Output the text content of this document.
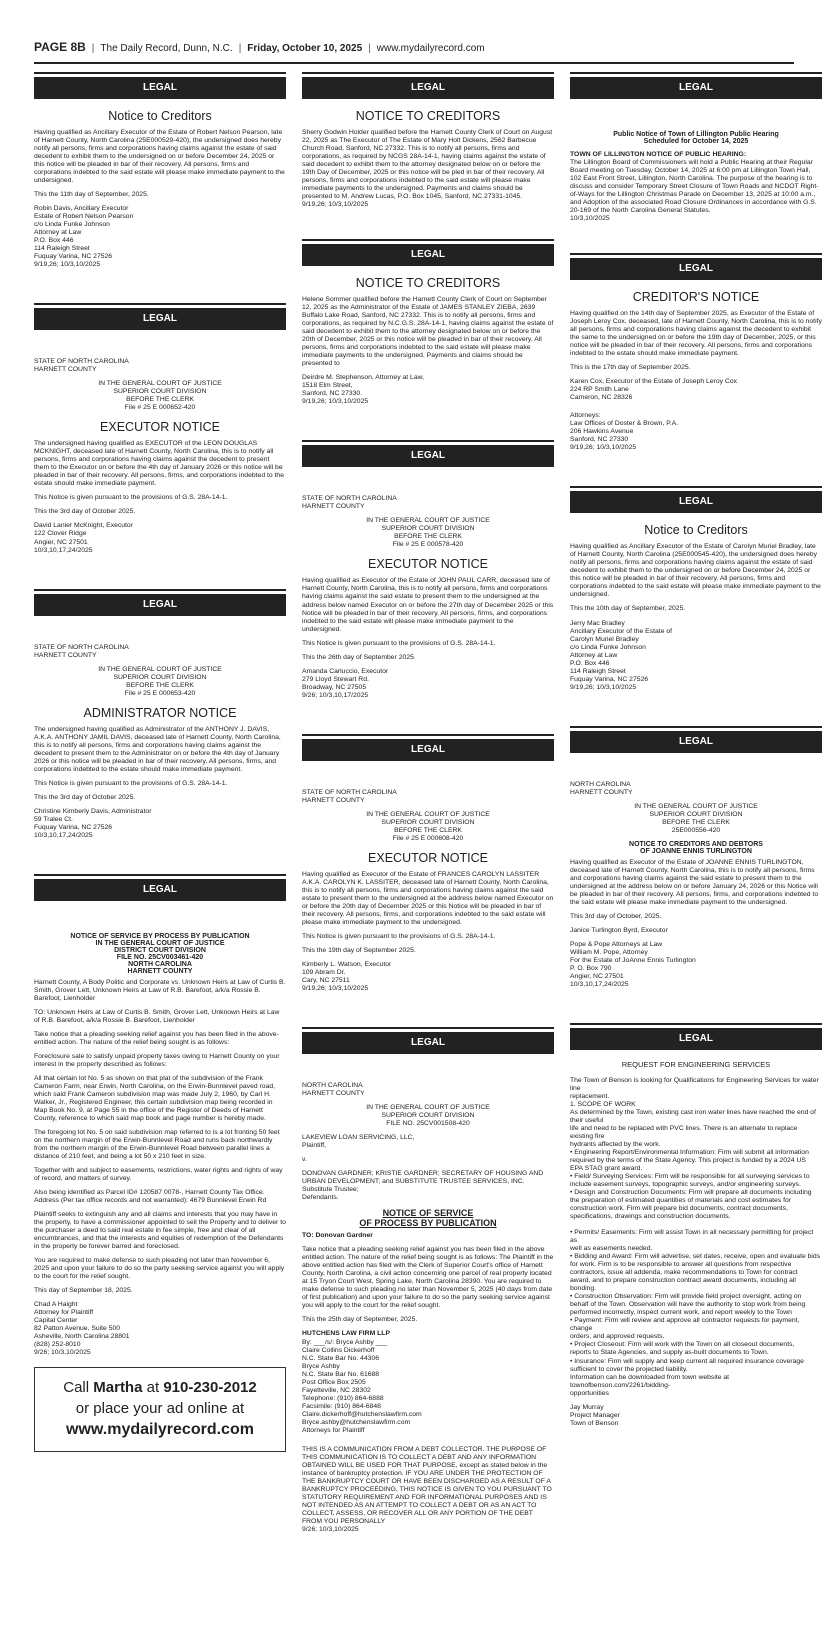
PAGE 8B | The Daily Record, Dunn, N.C. | Friday, October 10, 2025 | www.mydailyrecord.com
LEGAL
Notice to Creditors

Having qualified as Ancillary Executor of the Estate of Robert Nelson Pearson, late of Harnett County, North Carolina (25E000529-420), the undersigned does hereby notify all persons, firms and corporations having claims against the estate of said decedent to exhibit them to the undersigned on or before December 24, 2025 or this notice will be pleaded in bar of their recovery. All persons, firms and corporations indebted to the said estate will please make immediate payment to the undersigned.

This the 11th day of September, 2025.

Robin Davis, Ancillary Executor
Estate of Robert Nelson Pearson
c/o Linda Funke Johnson
Attorney at Law
P.O. Box 446
114 Raleigh Street
Fuquay Varina, NC 27526
9/19,26; 10/3,10/2025

LEGAL

STATE OF NORTH CAROLINA
HARNETT COUNTY

IN THE GENERAL COURT OF JUSTICE
SUPERIOR COURT DIVISION
BEFORE THE CLERK
File # 25 E 000652-420

EXECUTOR NOTICE

The undersigned having qualified as EXECUTOR of the LEON DOUGLAS MCKNIGHT, deceased late of Harnett County, North Carolina, this is to notify all persons, firms and corporations having claims against the decedent to present them to the Executor on or before the 4th day of January 2026 or this notice will be pleaded in bar of their recovery. All persons, firms, and corporations indebted to the estate should make immediate payment.

This Notice is given pursuant to the provisions of G.S. 28A-14-1.

This the 3rd day of October 2025.

David Lanier McKnight, Executor
122 Clover Ridge
Angier, NC 27501
10/3,10,17,24/2025

LEGAL

STATE OF NORTH CAROLINA
HARNETT COUNTY

IN THE GENERAL COURT OF JUSTICE
SUPERIOR COURT DIVISION
BEFORE THE CLERK
File # 25 E 000653-420

ADMINISTRATOR NOTICE

The undersigned having qualified as Administrator of the ANTHONY J. DAVIS, A.K.A. ANTHONY JAMIL DAVIS, deceased late of Harnett County, North Carolina, this is to notify all persons, firms and corporations having claims against the decedent to present them to the Administrator on or before the 4th day of January 2026 or this notice will be pleaded in bar of their recovery. All persons, firms, and corporations indebted to the estate should make immediate payment.

This Notice is given pursuant to the provisions of G.S. 28A-14-1.

This the 3rd day of October 2025.

Christine Kimberly Davis, Administrator
59 Tralee Ct.
Fuquay Varina, NC 27526
10/3,10,17,24/2025

LEGAL
NOTICE OF SERVICE BY PROCESS BY PUBLICATION
IN THE GENERAL COURT OF JUSTICE
DISTRICT COURT DIVISION
FILE NO. 25CV003461-420
NORTH CAROLINA
HARNETT COUNTY

Harnett County, A Body Politic and Corporate vs. Unknown Heirs at Law of Curtis B. Smith, Grover Lett, Unknown Heirs at Law of R.B. Barefoot, a/k/a Rossie B. Barefoot, Lienholder

TO: Unknown Heirs at Law of Curtis B. Smith, Grover Lett, Unknown Heirs at Law of R.B. Barefoot, a/k/a Rossie B. Barefoot, Lienholder

Take notice that a pleading seeking relief against you has been filed in the above-entitled action. The nature of the relief being sought is as follows:

Foreclosure sale to satisfy unpaid property taxes owing to Harnett County on your interest in the property described as follows:

All that certain lot No. 5 as shown on that plat of the subdivision of the Frank Cameron Farm, near Erwin, North Carolina, on the Erwin-Bunnlevel paved road, which said Frank Cameron subdivision map was made July 2, 1960, by Carl H. Walker, Jr., Registered Engineer, this certain subdivision map being recorded in Map Book No. 9, at Page 55 in the office of the Register of Deeds of Harnett County, reference to which said map book and page number is hereby made.

The foregoing lot No. 5 on said subdivision map referred to is a lot fronting 50 feet on the northern margin of the Erwin-Bunnlevel Road and runs back northwardly from the northern margin of the Erwin-Bunnlevel Road between parallel lines a distance of 210 feet, and being a lot 50 x 210 feet in size.

Together with and subject to easements, restrictions, water rights and rights of way of record, and matters of survey.

Also being identified as Parcel ID# 120587 0078-, Harnett County Tax Office. Address (Per tax office records and not warranted): 4679 Bunnlevel Erwin Rd

Plaintiff seeks to extinguish any and all claims and interests that you may have in the property, to have a commissioner appointed to sell the Property and to deliver to the purchaser a deed to said real estate in fee simple, free and clear of all encumbrances, and that the interests and equities of redemption of the Defendants in the property be forever barred and foreclosed.

You are required to make defense to such pleading not later than November 6, 2025 and upon your failure to do so the party seeking service against you will apply to the court for the relief sought.

This day of September 18, 2025.

Chad A Haight
Attorney for Plaintiff
Capital Center
82 Patton Avenue, Suite 500
Asheville, North Carolina 28801
(828) 252-8010
9/26; 10/3,10/2025

Call Martha at 910-230-2012
or place your ad online at
www.mydailyrecord.com
LEGAL
NOTICE TO CREDITORS

Sherry Godwin Holder qualified before the Harnett County Clerk of Court on August 22, 2025 as The Executor of The Estate of Mary Holt Dickens, 2562 Barbecue Church Road, Sanford, NC 27332. This is to notify all persons, firms and corporations, as required by NCGS 28A-14-1, having claims against the estate of said decedent to exhibit them to the attorney designated below on or before the 19th Day of December, 2025 or this notice will be pled in bar of their recovery. All persons, firms and corporations indebted to the said estate will please make immediate payments to the undersigned. Payments and claims should be presented to M. Andrew Lucas, P.O. Box 1045, Sanford, NC 27331-1045.
9/19,26; 10/3,10/2025

LEGAL
NOTICE TO CREDITORS

Helene Sommer qualified before the Harnett County Clerk of Court on September 12, 2025 as the Administrator of the Estate of JAMES STANLEY ZIEBA, 2639 Buffalo Lake Road, Sanford, NC 27332. This is to notify all persons, firms and corporations, as required by N.C.G.S. 28A-14-1, having claims against the estate of said decedent to exhibit them to the attorney designated below on or before the 20th of December, 2025 or this notice will be pleaded in bar of their recovery. All persons, firms and corporations indebted to the said estate will please make immediate payments to the undersigned. Payments and claims should be presented to

Deirdre M. Stephenson, Attorney at Law,
1518 Elm Street,
Sanford, NC 27330.
9/19,26; 10/3,10/2025

LEGAL

STATE OF NORTH CAROLINA
HARNETT COUNTY

IN THE GENERAL COURT OF JUSTICE
SUPERIOR COURT DIVISION
BEFORE THE CLERK
File # 25 E 000578-420

EXECUTOR NOTICE

Having qualified as Executor of the Estate of JOHN PAUL CARR, deceased late of Harnett County, North Carolina, this is to notify all persons, firms and corporations having claims against the said estate to present them to the undersigned at the address below named Executor on or before the 27th day of December 2025 or this Notice will be pleaded in bar of their recovery. All persons, firms, and corporations indebted to the said estate will please make immediate payment to the undersigned.

This Notice is given pursuant to the provisions of G.S. 28A-14-1.

This the 26th day of September 2025.

Amanda Carluccio, Executor
279 Lloyd Stewart Rd.
Broadway, NC 27505
9/26; 10/3,10,17/2025

LEGAL

STATE OF NORTH CAROLINA
HARNETT COUNTY

IN THE GENERAL COURT OF JUSTICE
SUPERIOR COURT DIVISION
BEFORE THE CLERK
File # 25 E 000608-420

EXECUTOR NOTICE

Having qualified as Executor of the Estate of FRANCES CAROLYN LASSITER A.K.A. CAROLYN K. LASSITER, deceased late of Harnett County, North Carolina, this is to notify all persons, firms and corporations having claims against the said estate to present them to the undersigned at the address below named Executor on or before the 20th day of December 2025 or this Notice will be pleaded in bar of their recovery. All persons, firms, and corporations indebted to the said estate will please make immediate payment to the undersigned.

This Notice is given pursuant to the provisions of G.S. 28A-14-1.

This the 19th day of September 2025.

Kimberly L. Watson, Executor
109 Abram Dr.
Cary, NC 27511
9/19,26; 10/3,10/2025

LEGAL

NORTH CAROLINA
HARNETT COUNTY

IN THE GENERAL COURT OF JUSTICE
SUPERIOR COURT DIVISION
FILE NO. 25CV001508-420

LAKEVIEW LOAN SERVICING, LLC,
Plaintiff,

v.

DONOVAN GARDNER; KRISTIE GARDNER; SECRETARY OF HOUSING AND URBAN DEVELOPMENT; and SUBSTITUTE TRUSTEE SERVICES, INC. Substitute Trustee;
Defendants.

NOTICE OF SERVICE
OF PROCESS BY PUBLICATION

TO: Donovan Gardner

Take notice that a pleading seeking relief against you has been filed in the above entitled action. The nature of the relief being sought is as follows: The Plaintiff in the above entitled action has filed with the Clerk of Superior Court's office of Harnett County, North Carolina, a civil action concerning one parcel of real property located at 15 Tryon Court West, Spring Lake, North Carolina 28390. You are required to make defense to such pleading no later than November 5, 2025 (40 days from date of first publication) and upon your failure to do so the party seeking service against you will apply to the court for the relief sought.

This the 25th day of September, 2025.

HUTCHENS LAW FIRM LLP

By: ___/s/: Bryce Ashby ___
Claire Collins Dickerhoff
N.C. State Bar No. 44306
Bryce Ashby
N.C. State Bar No. 61688
Post Office Box 2505
Fayetteville, NC 28302
Telephone: (910) 864-6888
Facsimile: (910) 864-6848
Claire.dickerhoff@hutchenslawfirm.com
Bryce.ashby@hutchenslawfirm.com
Attorneys for Plaintiff

THIS IS A COMMUNICATION FROM A DEBT COLLECTOR. THE PURPOSE OF THIS COMMUNICATION IS TO COLLECT A DEBT AND ANY INFORMATION OBTAINED WILL BE USED FOR THAT PURPOSE, except as stated below in the instance of bankruptcy protection. IF YOU ARE UNDER THE PROTECTION OF THE BANKRUPTCY COURT OR HAVE BEEN DISCHARGED AS A RESULT OF A BANKRUPTCY PROCEEDING, THIS NOTICE IS GIVEN TO YOU PURSUANT TO STATUTORY REQUIREMENT AND FOR INFORMATIONAL PURPOSES AND IS NOT INTENDED AS AN ATTEMPT TO COLLECT A DEBT OR AS AN ACT TO COLLECT, ASSESS, OR RECOVER ALL OR ANY PORTION OF THE DEBT FROM YOU PERSONALLY
9/26; 10/3,10/2025

LEGAL
Public Notice of Town of Lillington Public Hearing
Scheduled for October 14, 2025

TOWN OF LILLINGTON NOTICE OF PUBLIC HEARING:

The Lillington Board of Commissioners will hold a Public Hearing at their Regular Board meeting on Tuesday, October 14, 2025 at 6:00 pm at Lillington Town Hall, 102 East Front Street, Lillington, North Carolina. The purpose of the hearing is to discuss and consider Temporary Street Closure of Town Roads and NCDOT Right-of-Ways for the Lillington Christmas Parade on December 13, 2025 at 10:00 a.m., and Adoption of the associated Road Closure Ordinances in accordance with G.S. 20-169 of the North Carolina General Statutes.
10/3,10/2025

LEGAL
CREDITOR'S NOTICE

Having qualified on the 14th day of September 2025, as Executor of the Estate of Joseph Leroy Cox, deceased, late of Harnett County, North Carolina, this is to notify all persons, firms and corporations having claims against the decedent to exhibit the same to the undersigned on or before the 19th day of December, 2025, or this notice will be pleaded in bar of their recovery. All persons, firms and corporations indebted to the estate should make immediate payment.

This is the 17th day of September 2025.

Karen Cox, Executor of the Estate of Joseph Leroy Cox
224 RP Smith Lane
Cameron, NC 28326

Attorneys:
Law Offices of Doster & Brown, P.A.
206 Hawkins Avenue
Sanford, NC 27330
9/19,26; 10/3,10/2025

LEGAL
Notice to Creditors

Having qualified as Ancillary Executor of the Estate of Carolyn Muriel Bradley, late of Harnett County, North Carolina (25E000545-420), the undersigned does hereby notify all persons, firms and corporations having claims against the estate of said decedent to exhibit them to the undersigned on or before December 24, 2025 or this notice will be pleaded in bar of their recovery. All persons, firms and corporations indebted to the said estate will please make immediate payment to the undersigned.

This the 10th day of September, 2025.

Jerry Mac Bradley
Ancillary Executor of the Estate of
Carolyn Muriel Bradley
c/o Linda Funke Johnson
Attorney at Law
P.O. Box 446
114 Raleigh Street
Fuquay Varina, NC 27526
9/19,26; 10/3,10/2025

LEGAL

NORTH CAROLINA
HARNETT COUNTY

IN THE GENERAL COURT OF JUSTICE
SUPERIOR COURT DIVISION
BEFORE THE CLERK
25E000556-420

NOTICE TO CREDITORS AND DEBTORS
OF JOANNE ENNIS TURLINGTON

Having qualified as Executor of the Estate of JOANNE ENNIS TURLINGTON, deceased late of Harnett County, North Carolina, this is to notify all persons, firms and corporations having claims against the said estate to present them to the undersigned at the address below on or before January 24, 2026 or this Notice will be pleaded in bar of their recovery. All persons, firms, and corporations indebted to the said estate will please make immediate payment to the undersigned.

This 3rd day of October, 2025.

Janice Turlington Byrd, Executor

Pope & Pope Attorneys at Law
William M. Pope, Attorney
For the Estate of JoAnne Ennis Turlington
P. O. Box 790
Angier, NC 27501
10/3,10,17,24/2025

LEGAL
REQUEST FOR ENGINEERING SERVICES

The Town of Benson is looking for Qualifications for Engineering Services for water line
replacement.
1. SCOPE OF WORK
As determined by the Town, existing cast iron water lines have reached the end of their useful
life and need to be replaced with PVC lines. There is an alternate to replace existing fire
hydrants affected by the work.
• Engineering Report/Environmental Information: Firm will submit all information
required by the terms of the State Agency. This project is funded by a 2024 US
EPA STAG grant award.
• Field/ Surveying Services: Firm will be responsible for all surveying services to
include easement surveys, topographic surveys, and/or engineering surveys.
• Design and Construction Documents: Firm will prepare all documents including
the preparation of estimated quantities of materials and cost estimates for
construction work. Firm will prepare bid documents, contract documents,
specifications, drawings and construction documents.

• Permits/ Easements: Firm will assist Town in all necessary permitting for project as
well as easements needed.
• Bidding and Award: Firm will advertise, set dates, receive, open and evaluate bids
for work. Firm is to be responsible to answer all questions from respective
contractors, issue all addenda, make recommendations to Town for contract
award, and to prepare construction contract award documents, including all
bonding.
• Construction Observation: Firm will provide field project oversight, acting on
behalf of the Town. Observation will have the authority to stop work from being
performed incorrectly, inspect current work, and report weekly to the Town
• Payment: Firm will review and approve all contractor requests for payment, change
orders, and approved requests.
• Project Closeout: Firm will work with the Town on all closeout documents,
reports to State Agencies, and supply as-built documents to Town.
• Insurance: Firm will supply and keep current all required insurance coverage
sufficient to cover the projected liability.
Information can be downloaded from town website at townofbenson.com/2261/bidding-
opportunities

Jay Murray
Project Manager
Town of Benson
